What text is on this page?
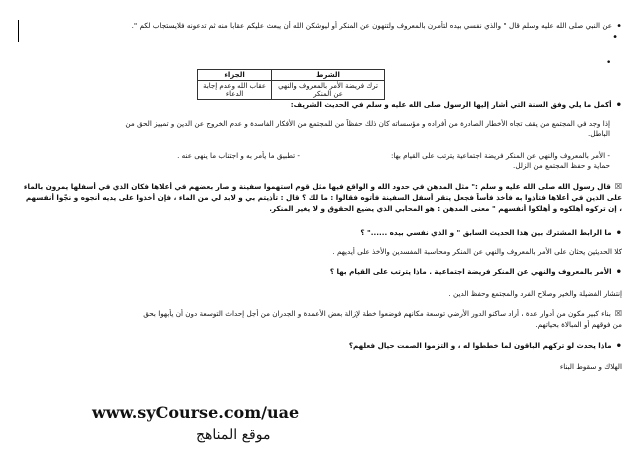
• عن النبي صلى الله عليه وسلم قال " والذي نفسي بيده لتأمرن بالمعروف ولتنهون عن المنكر أو ليوشكن الله أن يبعث عليكم عقابا منه ثم تدعونه فلايستجاب لكم ".
•
•
الشرط	الجزاء
ترك فريضة الأمر بالمعروف والنهي عن المنكر	عقاب الله وعدم إجابة الدعاء
• أكمل ما يلي وفق السنة التي أشار إليها الرسول صلى الله عليه و سلم في الحديث الشريف:
إذا وجد في المجتمع من يقف تجاه الأخطار الصادرة من أفراده و مؤسساته كان ذلك حفظاً من للمجتمع من الأفكار الفاسدة و عدم الخروج عن الدين و تمييز الحق من
الباطل.
- الأمر بالمعروف والنهي عن المنكر فريضة اجتماعية يترتب على القيام بها:
- تطبيق ما يأمر به و اجتناب ما ينهى عنه .
حماية و حفظ المجتمع من الزلل.
☒ قال رسول الله صلى الله عليه و سلم :" مثل المدهن في حدود الله و الواقع فيها مثل قوم استهموا سفينة و صار بعضهم في أعلاها فكان الذي في أسفلها يمرون بالماء
على الذين في أعلاها فتأذوا به فأخذ فأساً فجعل ينقر أسفل السفينة فأتوه فقالوا : ما لك ؟ قال : تأذيتم بي و لابد لي من الماء ، فإن أخذوا على يديه أنجوه و نجّوا أنفسهم
، إن تركوه أهلكوه و أهلكوا أنفسهم " معنى المدهن : هو المحابي الذي يضيع الحقوق و لا يغير المنكر.
• ما الرابط المشترك بين هذا الحديث السابق " و الذي نفسي بيده ......" ؟
كلا الحديثين يحثان على الأمر بالمعروف والنهي عن المنكر ومحاسبة المفسدين والأخذ على أيديهم .
• الأمر بالمعروف والنهي عن المنكر فريضة اجتماعية . ماذا يترتب على القيام بها ؟
إنتشار الفضيلة والخير وصلاح الفرد والمجتمع وحفظ الدين .
☒ بناء كبير مكون من أدوار عدة ، أراد ساكنو الدور الأرضي توسعة مكانهم فوضعوا خطة لإزالة بعض الأعمدة و الجدران من أجل إحداث التوسعة دون أن يأبهوا بحق
من فوقهم أو المبالاة بحياتهم.
• ماذا يحدث لو تركهم الباقون لما خططوا له ، و التزموا الصمت حيال فعلهم؟
الهلاك و سقوط البناء
www.syCourse.com/uae
موقع المناهج
